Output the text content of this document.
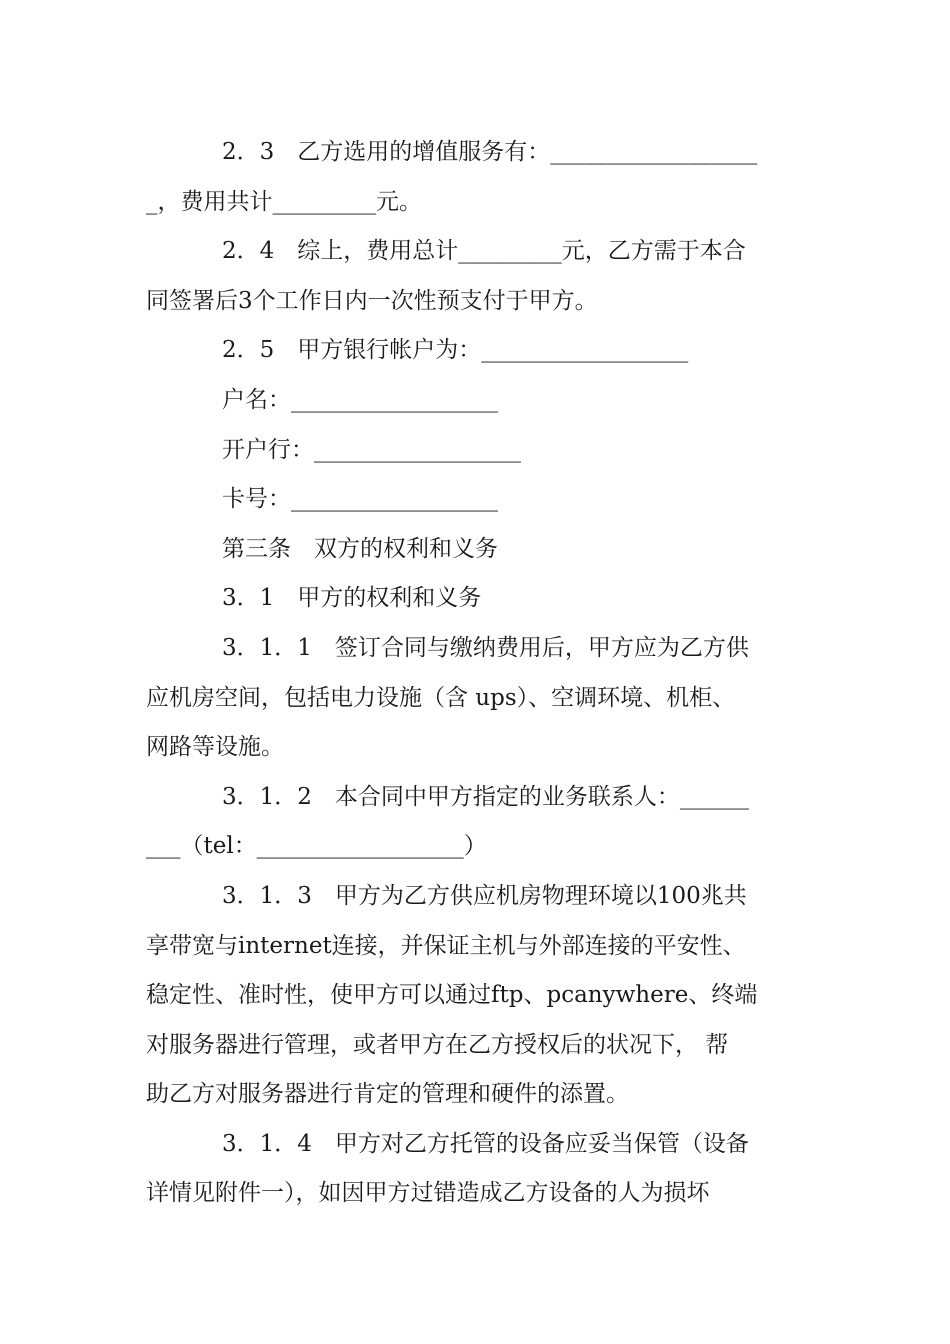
2．3　乙方选用的增值服务有：__________________

_，费用共计_________元。

2．4　综上，费用总计_________元，乙方需于本合

同签署后3个工作日内一次性预支付于甲方。

2．5　甲方银行帐户为：__________________

户名：__________________

开户行：__________________

卡号：__________________

第三条　双方的权利和义务

3．1　甲方的权利和义务

3．1．1　签订合同与缴纳费用后，甲方应为乙方供

应机房空间，包括电力设施（含 ups）、空调环境、机柜、

网路等设施。

3．1．2　本合同中甲方指定的业务联系人：______

___（tel：__________________）

3．1．3　甲方为乙方供应机房物理环境以100兆共

享带宽与internet连接，并保证主机与外部连接的平安性、

稳定性、准时性，使甲方可以通过ftp、pcanywhere、终端

对服务器进行管理，或者甲方在乙方授权后的状况下， 帮

助乙方对服务器进行肯定的管理和硬件的添置。

3．1．4　甲方对乙方托管的设备应妥当保管（设备

详情见附件一），如因甲方过错造成乙方设备的人为损坏
